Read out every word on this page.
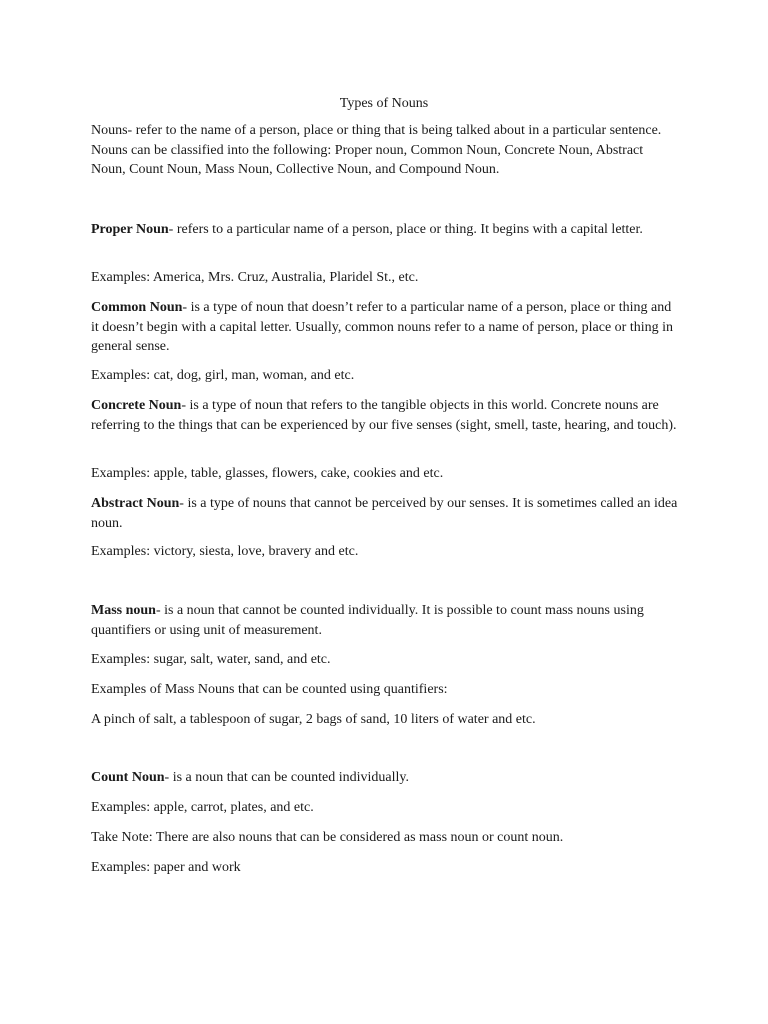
Types of Nouns

Nouns- refer to the name of a person, place or thing that is being talked about in a particular sentence. Nouns can be classified into the following: Proper noun, Common Noun, Concrete Noun, Abstract Noun, Count Noun, Mass Noun, Collective Noun, and Compound Noun.

Proper Noun- refers to a particular name of a person, place or thing. It begins with a capital letter.

Examples: America, Mrs. Cruz, Australia, Plaridel St., etc.

Common Noun- is a type of noun that doesn’t refer to a particular name of a person, place or thing and it doesn’t begin with a capital letter. Usually, common nouns refer to a name of person, place or thing in general sense.

Examples: cat, dog, girl, man, woman, and etc.

Concrete Noun- is a type of noun that refers to the tangible objects in this world. Concrete nouns are referring to the things that can be experienced by our five senses (sight, smell, taste, hearing, and touch).

Examples: apple, table, glasses, flowers, cake, cookies and etc.

Abstract Noun- is a type of nouns that cannot be perceived by our senses. It is sometimes called an idea noun.

Examples: victory, siesta, love, bravery and etc.

Mass noun- is a noun that cannot be counted individually. It is possible to count mass nouns using quantifiers or using unit of measurement.

Examples: sugar, salt, water, sand, and etc.

Examples of Mass Nouns that can be counted using quantifiers:

A pinch of salt, a tablespoon of sugar, 2 bags of sand, 10 liters of water and etc.

Count Noun- is a noun that can be counted individually.

Examples: apple, carrot, plates, and etc.

Take Note: There are also nouns that can be considered as mass noun or count noun.

Examples: paper and work
